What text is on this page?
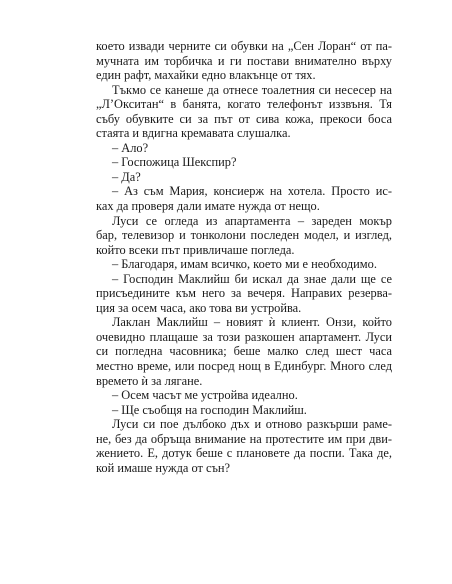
което извади черните си обувки на „Сен Лоран“ от па-
мучната им торбичка и ги постави внимателно върху
един рафт, махайки едно влакънце от тях.
Тъкмо се канеше да отнесе тоалетния си несесер на
„Л’Окситан“ в банята, когато телефонът иззвъня. Тя
събу обувките си за път от сива кожа, прекоси боса
стаята и вдигна кремавата слушалка.
– Ало?
– Госпожица Шекспир?
– Да?
– Аз съм Мария, консиерж на хотела. Просто ис-
ках да проверя дали имате нужда от нещо.
Луси се огледа из апартамента – зареден мокър
бар, телевизор и тонколони последен модел, и изглед,
който всеки път привличаше погледа.
– Благодаря, имам всичко, което ми е необходимо.
– Господин Маклийш би искал да знае дали ще се
присъедините към него за вечеря. Направих резерва-
ция за осем часа, ако това ви устройва.
Лаклан Маклийш – новият ѝ клиент. Онзи, който
очевидно плащаше за този разкошен апартамент. Луси
си погледна часовника; беше малко след шест часа
местно време, или посред нощ в Единбург. Много след
времето ѝ за лягане.
– Осем часът ме устройва идеално.
– Ще съобщя на господин Маклийш.
Луси си пое дълбоко дъх и отново разкърши раме-
не, без да обръща внимание на протестите им при дви-
жението. Е, дотук беше с плановете да поспи. Така де,
кой имаше нужда от сън?
